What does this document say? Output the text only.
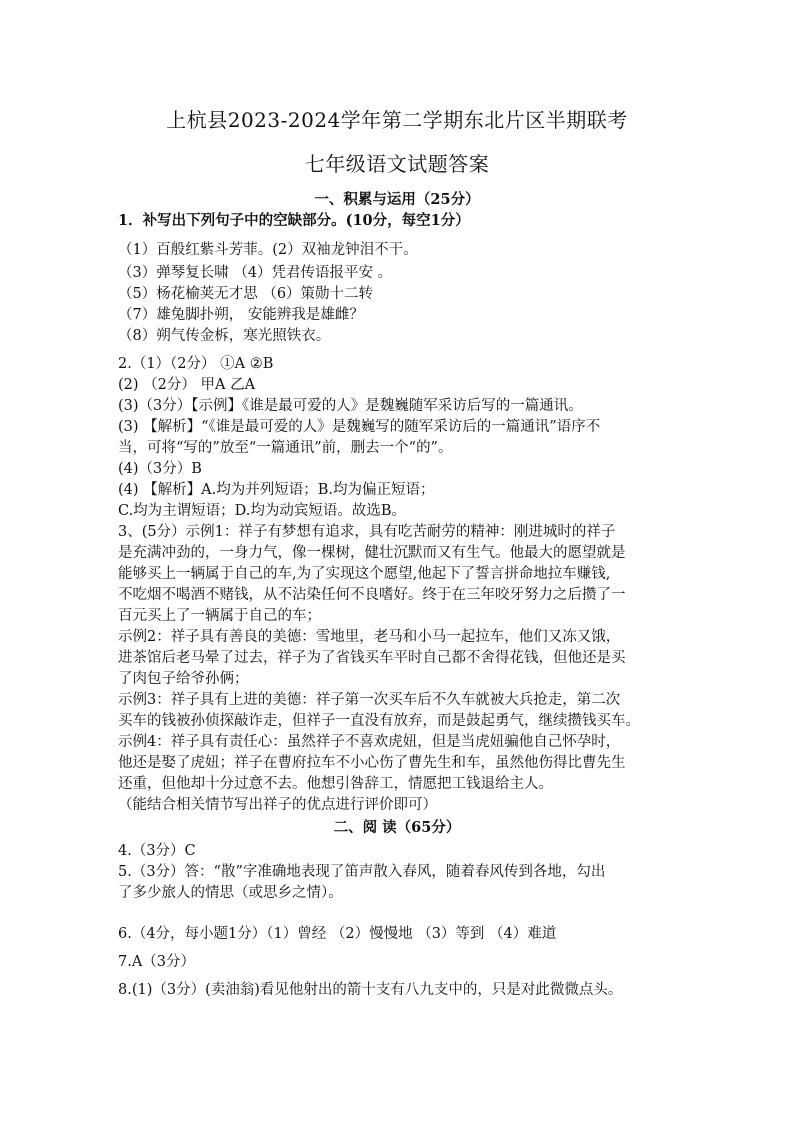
上杭县2023-2024学年第二学期东北片区半期联考
七年级语文试题答案
一、积累与运用（25分）
1．补写出下列句子中的空缺部分。(10分，每空1分）
（1）百般红紫斗芳菲。(2）双袖龙钟泪不干。
（3）弹琴复长啸 （4）凭君传语报平安 。
（5）杨花榆荚无才思 （6）策勋十二转
（7）雄兔脚扑朔， 安能辨我是雄雌？
（8）朔气传金柝，寒光照铁衣。
2.（1）（2分） ①A ②B
(2) （2分） 甲A 乙A
(3)（3分）【示例】《谁是最可爱的人》是魏巍随军采访后写的一篇通讯。
(3) 【解析】“《谁是最可爱的人》是魏巍写的随军采访后的一篇通讯”语序不
当，可将“写的”放至“一篇通讯”前，删去一个“的”。
(4)（3分）B
(4) 【解析】A.均为并列短语；B.均为偏正短语；
C.均为主谓短语；D.均为动宾短语。故选B。
3、(5分）示例1：祥子有梦想有追求，具有吃苦耐劳的精神：刚进城时的祥子
是充满冲劲的，一身力气，像一棵树，健壮沉默而又有生气。他最大的愿望就是
能够买上一辆属于自己的车,为了实现这个愿望,他起下了誓言拼命地拉车赚钱,
不吃烟不喝酒不赌钱，从不沾染任何不良嗜好。终于在三年咬牙努力之后攒了一
百元买上了一辆属于自己的车；
示例2：祥子具有善良的美德：雪地里，老马和小马一起拉车，他们又冻又饿，
进茶馆后老马晕了过去，祥子为了省钱买车平时自己都不舍得花钱，但他还是买
了肉包子给爷孙俩；
示例3：祥子具有上进的美德：祥子第一次买车后不久车就被大兵抢走，第二次
买车的钱被孙侦探敲诈走，但祥子一直没有放弃，而是鼓起勇气，继续攒钱买车。
示例4：祥子具有责任心：虽然祥子不喜欢虎妞，但是当虎妞骗他自己怀孕时，
他还是娶了虎妞；祥子在曹府拉车不小心伤了曹先生和车，虽然他伤得比曹先生
还重，但他却十分过意不去。他想引咎辞工，情愿把工钱退给主人。
（能结合相关情节写出祥子的优点进行评价即可）
二、阅 读（65分）
4.（3分）C
5.（3分）答：“散”字准确地表现了笛声散入春风，随着春风传到各地，勾出
了多少旅人的情思（或思乡之情）。
6.（4分，每小题1分）（1）曾经 （2）慢慢地 （3）等到 （4）难道
7.A（3分）
8.(1)（3分）(卖油翁)看见他射出的箭十支有八九支中的，只是对此微微点头。
